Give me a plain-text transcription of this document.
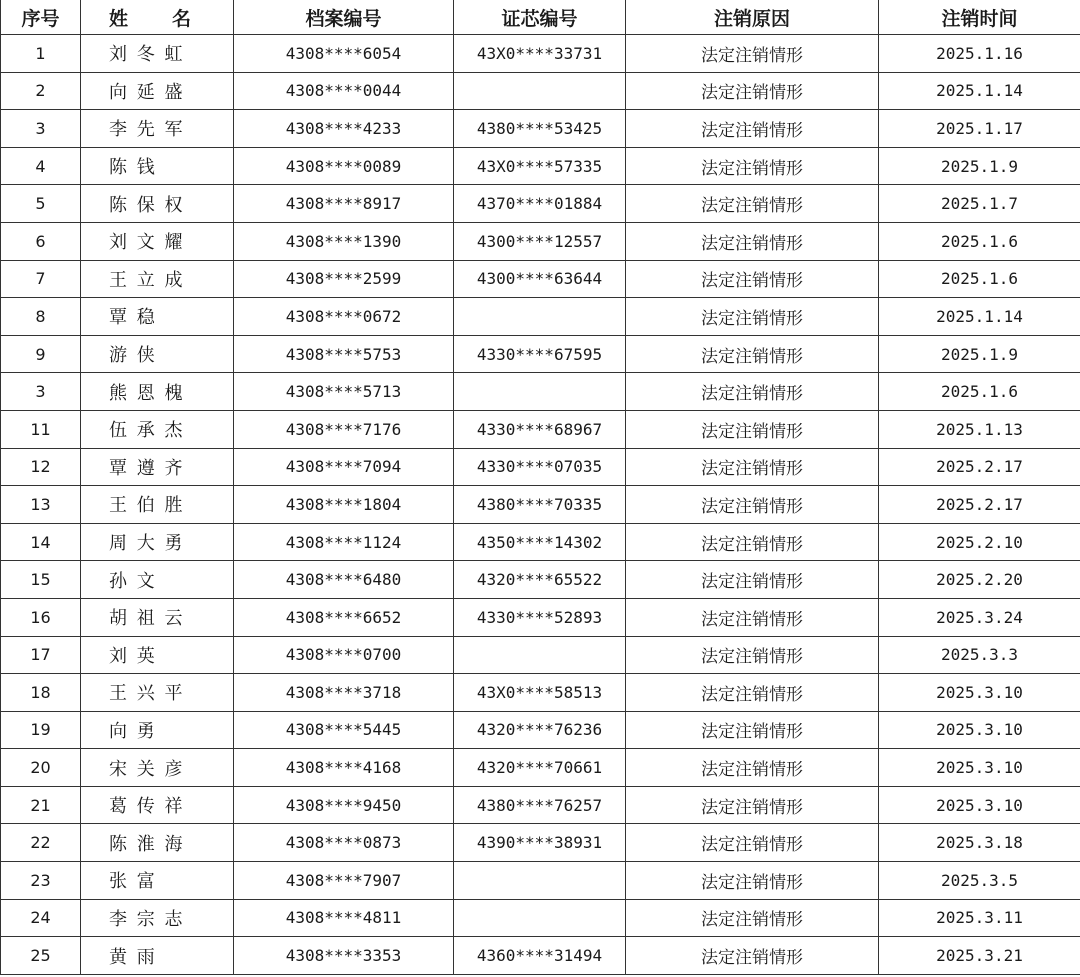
序号	姓 名	档案编号	证芯编号	注销原因	注销时间
1	刘 冬 虹	4308****6054	43X0****33731	法定注销情形	2025.1.16
2	向 延 盛	4308****0044		法定注销情形	2025.1.14
3	李 先 军	4308****4233	4380****53425	法定注销情形	2025.1.17
4	陈 钱	4308****0089	43X0****57335	法定注销情形	2025.1.9
5	陈 保 权	4308****8917	4370****01884	法定注销情形	2025.1.7
6	刘 文 耀	4308****1390	4300****12557	法定注销情形	2025.1.6
7	王 立 成	4308****2599	4300****63644	法定注销情形	2025.1.6
8	覃 稳	4308****0672		法定注销情形	2025.1.14
9	游 侠	4308****5753	4330****67595	法定注销情形	2025.1.9
3	熊 恩 槐	4308****5713		法定注销情形	2025.1.6
11	伍 承 杰	4308****7176	4330****68967	法定注销情形	2025.1.13
12	覃 遵 齐	4308****7094	4330****07035	法定注销情形	2025.2.17
13	王 伯 胜	4308****1804	4380****70335	法定注销情形	2025.2.17
14	周 大 勇	4308****1124	4350****14302	法定注销情形	2025.2.10
15	孙 文	4308****6480	4320****65522	法定注销情形	2025.2.20
16	胡 祖 云	4308****6652	4330****52893	法定注销情形	2025.3.24
17	刘 英	4308****0700		法定注销情形	2025.3.3
18	王 兴 平	4308****3718	43X0****58513	法定注销情形	2025.3.10
19	向 勇	4308****5445	4320****76236	法定注销情形	2025.3.10
20	宋 关 彦	4308****4168	4320****70661	法定注销情形	2025.3.10
21	葛 传 祥	4308****9450	4380****76257	法定注销情形	2025.3.10
22	陈 淮 海	4308****0873	4390****38931	法定注销情形	2025.3.18
23	张 富	4308****7907		法定注销情形	2025.3.5
24	李 宗 志	4308****4811		法定注销情形	2025.3.11
25	黄 雨	4308****3353	4360****31494	法定注销情形	2025.3.21
